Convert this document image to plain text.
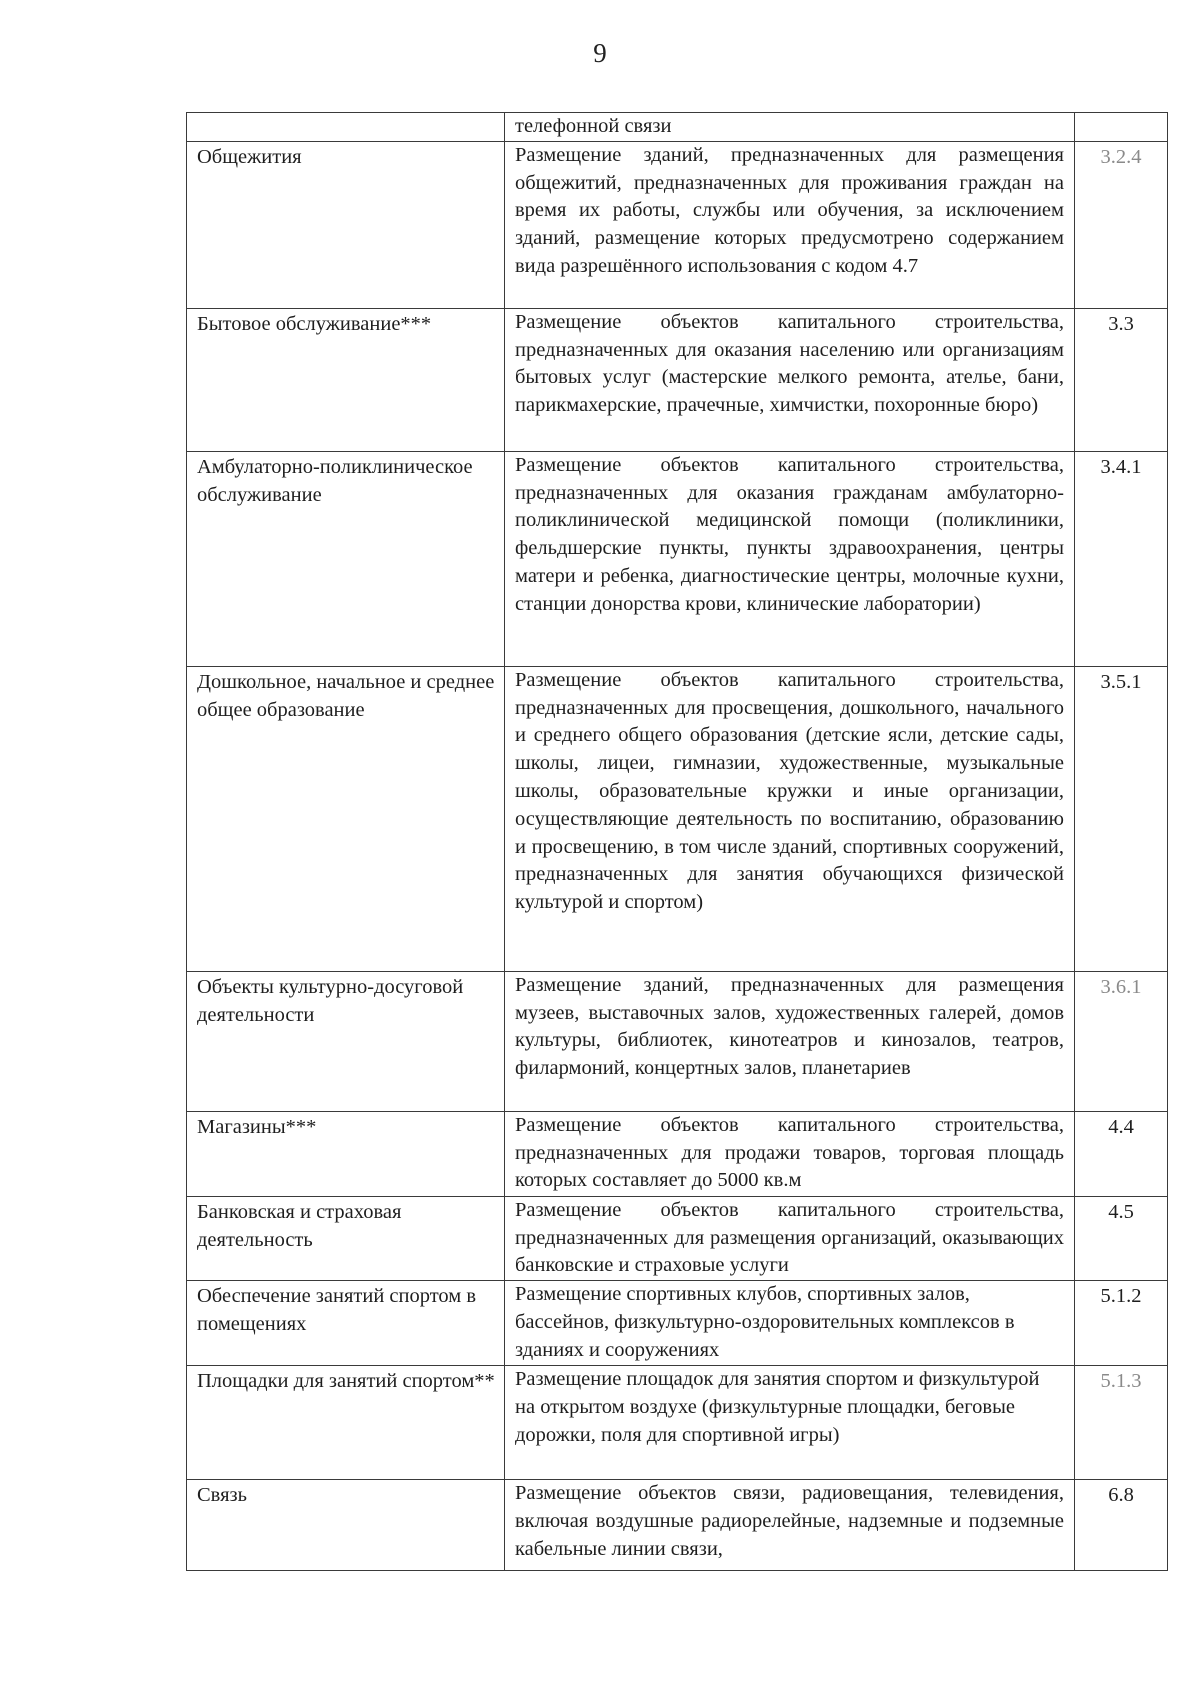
9

	телефонной связи	

Общежития	Размещение зданий, предназначенных для размещения общежитий, предназначенных для проживания граждан на время их работы, службы или обучения, за исключением зданий, размещение которых предусмотрено содержанием вида разрешённого использования с кодом 4.7	3.2.4

Бытовое обслуживание***	Размещение объектов капитального строительства, предназначенных для оказания населению или организациям бытовых услуг (мастерские мелкого ремонта, ателье, бани, парикмахерские, прачечные, химчистки, похоронные бюро)	3.3

Амбулаторно-поликлиническое обслуживание	Размещение объектов капитального строительства, предназначенных для оказания гражданам амбулаторно-поликлинической медицинской помощи (поликлиники, фельдшерские пункты, пункты здравоохранения, центры матери и ребенка, диагностические центры, молочные кухни, станции донорства крови, клинические лаборатории)	3.4.1

Дошкольное, начальное и среднее общее образование	Размещение объектов капитального строительства, предназначенных для просвещения, дошкольного, начального и среднего общего образования (детские ясли, детские сады, школы, лицеи, гимназии, художественные, музыкальные школы, образовательные кружки и иные организации, осуществляющие деятельность по воспитанию, образованию и просвещению, в том числе зданий, спортивных сооружений, предназначенных для занятия обучающихся физической культурой и спортом)	3.5.1

Объекты культурно-досуговой деятельности	Размещение зданий, предназначенных для размещения музеев, выставочных залов, художественных галерей, домов культуры, библиотек, кинотеатров и кинозалов, театров, филармоний, концертных залов, планетариев	3.6.1

Магазины***	Размещение объектов капитального строительства, предназначенных для продажи товаров, торговая площадь которых составляет до 5000 кв.м	4.4

Банковская и страховая деятельность	Размещение объектов капитального строительства, предназначенных для размещения организаций, оказывающих банковские и страховые услуги	4.5

Обеспечение занятий спортом в помещениях	Размещение спортивных клубов, спортивных залов, бассейнов, физкультурно-оздоровительных комплексов в зданиях и сооружениях	5.1.2

Площадки для занятий спортом**	Размещение площадок для занятия спортом и физкультурой на открытом воздухе (физкультурные площадки, беговые дорожки, поля для спортивной игры)	5.1.3

Связь	Размещение объектов связи, радиовещания, телевидения, включая воздушные радиорелейные, надземные и подземные кабельные линии связи,	6.8
